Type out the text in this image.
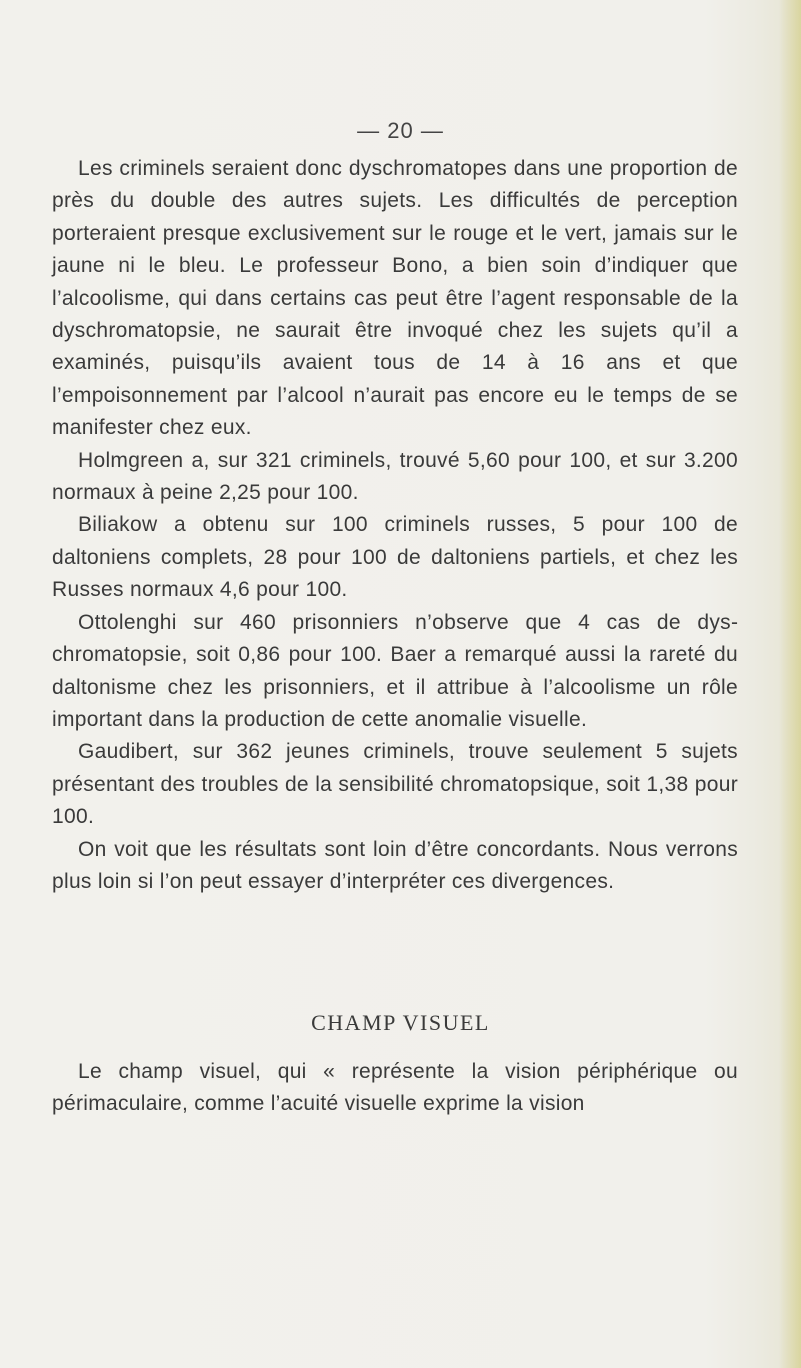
— 20 —

Les criminels seraient donc dyschromatopes dans une proportion de près du double des autres sujets. Les difficultés de perception porteraient presque exclusivement sur le rouge et le vert, jamais sur le jaune ni le bleu. Le professeur Bono, a bien soin d’indiquer que l’alcoolisme, qui dans certains cas peut être l’agent responsable de la dyschromatopsie, ne saurait être invoqué chez les sujets qu’il a examinés, puisqu’ils avaient tous de 14 à 16 ans et que l’empoisonnement par l’alcool n’aurait pas encore eu le temps de se manifester chez eux.

Holmgreen a, sur 321 criminels, trouvé 5,60 pour 100, et sur 3.200 normaux à peine 2,25 pour 100.

Biliakow a obtenu sur 100 criminels russes, 5 pour 100 de daltoniens complets, 28 pour 100 de daltoniens partiels, et chez les Russes normaux 4,6 pour 100.

Ottolenghi sur 460 prisonniers n’observe que 4 cas de dyschromatopsie, soit 0,86 pour 100. Baer a remarqué aussi la rareté du daltonisme chez les prisonniers, et il attribue à l’alcoolisme un rôle important dans la production de cette anomalie visuelle.

Gaudibert, sur 362 jeunes criminels, trouve seulement 5 sujets présentant des troubles de la sensibilité chromatopsique, soit 1,38 pour 100.

On voit que les résultats sont loin d’être concordants. Nous verrons plus loin si l’on peut essayer d’interpréter ces divergences.

CHAMP VISUEL

Le champ visuel, qui « représente la vision périphérique ou périmaculaire, comme l’acuité visuelle exprime la vision
